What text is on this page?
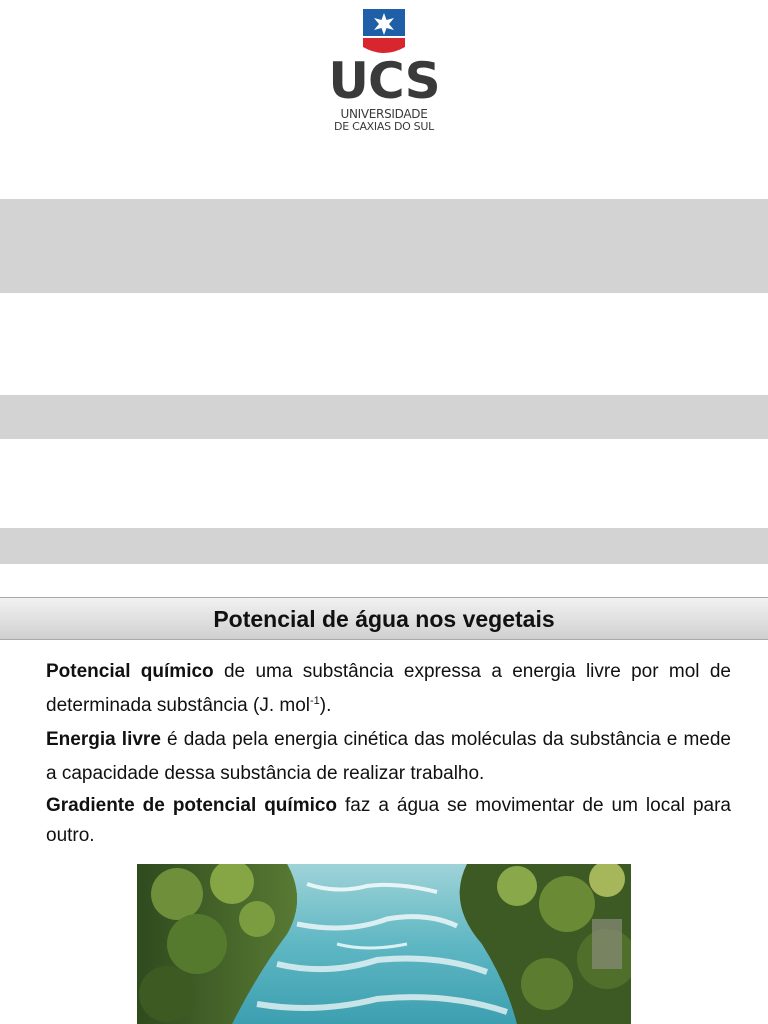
UCS
UNIVERSIDADE
DE CAXIAS DO SUL
Potencial de água nos vegetais

Potencial químico de uma substância expressa a energia livre por mol de determinada substância (J. mol$^{-1}$).

Energia livre é dada pela energia cinética das moléculas da substância e mede a capacidade dessa substância de realizar trabalho.

Gradiente de potencial químico faz a água se movimentar de um local para outro.
